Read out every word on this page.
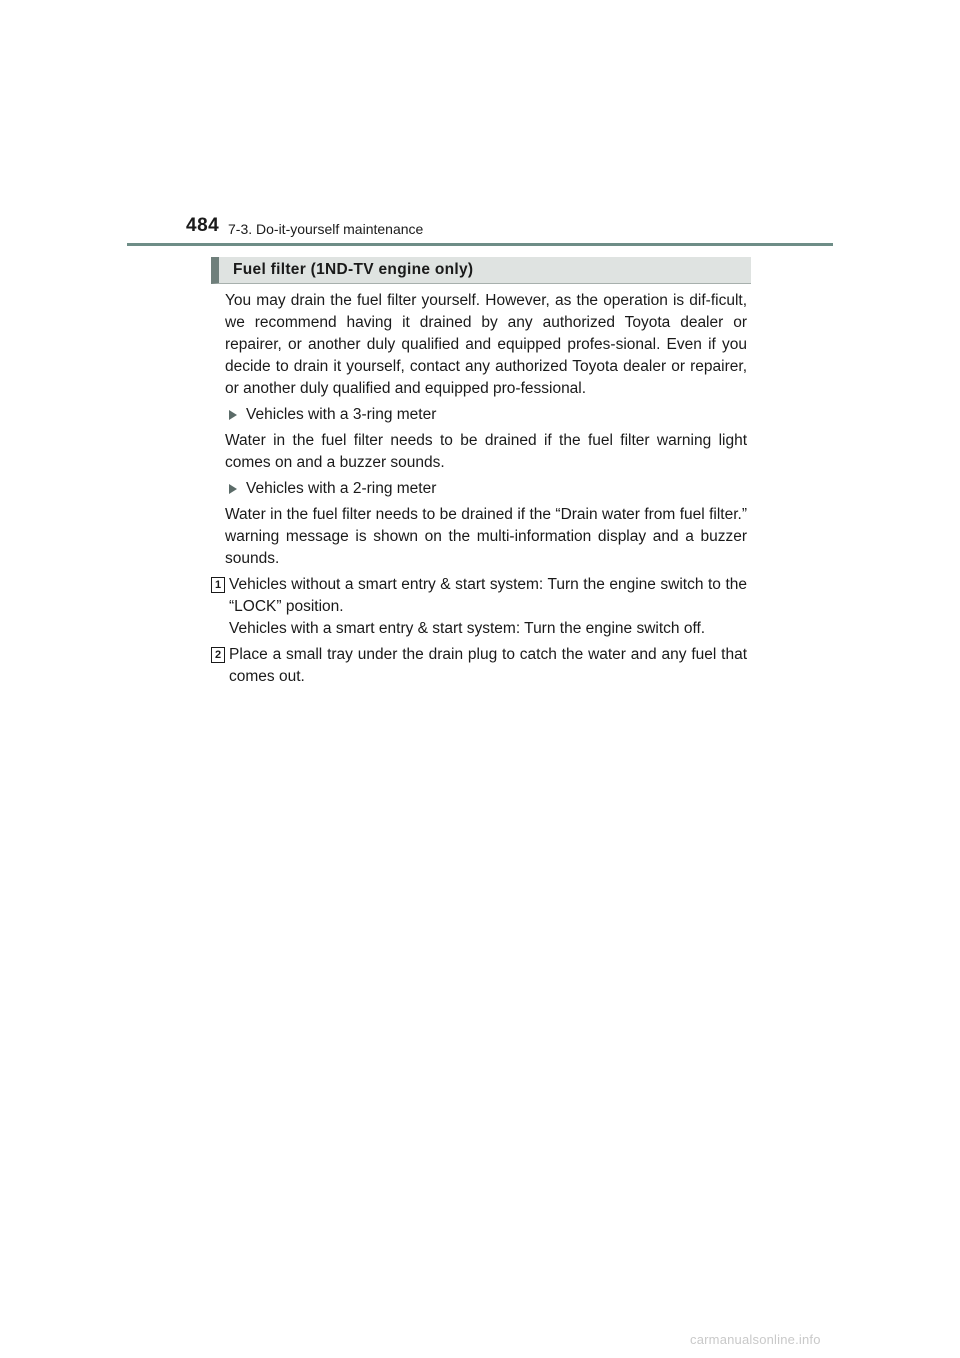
484 7-3. Do-it-yourself maintenance
Fuel filter (1ND-TV engine only)

You may drain the fuel filter yourself. However, as the operation is dif-ficult, we recommend having it drained by any authorized Toyota dealer or repairer, or another duly qualified and equipped profes-sional. Even if you decide to drain it yourself, contact any authorized Toyota dealer or repairer, or another duly qualified and equipped pro-fessional.

Vehicles with a 3-ring meter

Water in the fuel filter needs to be drained if the fuel filter warning light comes on and a buzzer sounds.

Vehicles with a 2-ring meter

Water in the fuel filter needs to be drained if the “Drain water from fuel filter.” warning message is shown on the multi-information display and a buzzer sounds.

1 Vehicles without a smart entry & start system: Turn the engine switch to the “LOCK” position.
Vehicles with a smart entry & start system: Turn the engine switch off.
2 Place a small tray under the drain plug to catch the water and any fuel that comes out.
carmanualsonline.info
